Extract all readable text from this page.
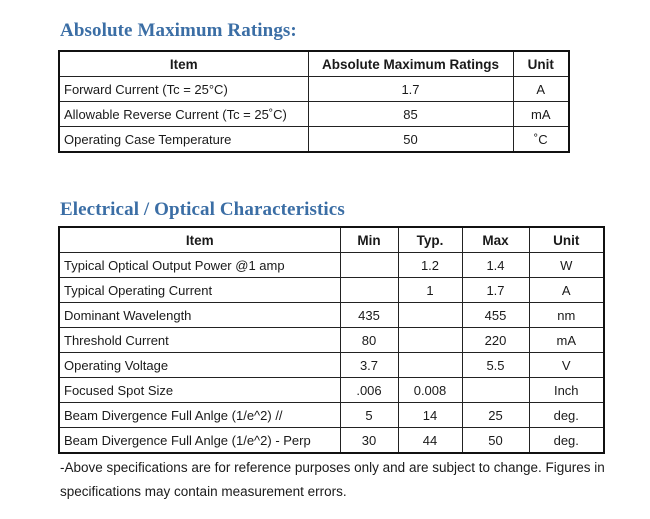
Absolute Maximum Ratings:
Item	Absolute Maximum Ratings	Unit
Forward Current (Tc = 25°C)	1.7	A
Allowable Reverse Current (Tc = 25˚C)	85	mA
Operating Case Temperature	50	˚C
Electrical / Optical Characteristics
Item	Min	Typ.	Max	Unit
Typical Optical Output Power @1 amp		1.2	1.4	W
Typical Operating Current		1	1.7	A
Dominant Wavelength	435		455	nm
Threshold Current	80		220	mA
Operating Voltage	3.7		5.5	V
Focused Spot Size	.006	0.008		Inch
Beam Divergence Full Anlge (1/e^2) //	5	14	25	deg.
Beam Divergence Full Anlge (1/e^2) - Perp	30	44	50	deg.
-Above specifications are for reference purposes only and are subject to change. Figures in specifications may contain measurement errors.
